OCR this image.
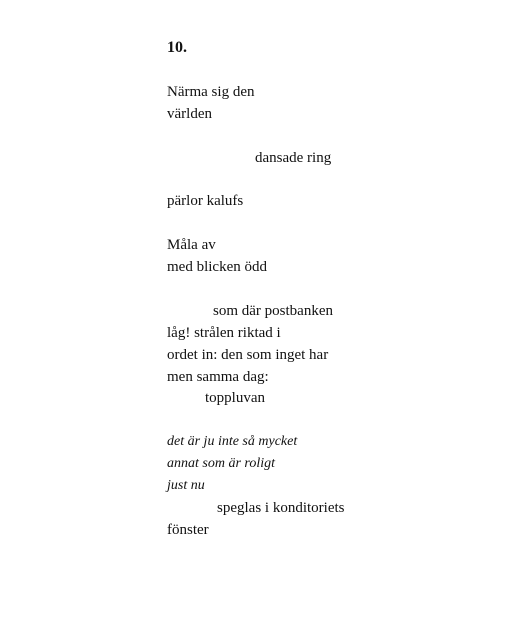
10.
Närma sig den
världen
dansade ring
pärlor kalufs
Måla av
med blicken ödd
som där postbanken
låg! strålen riktad i
ordet in: den som inget har
men samma dag:
toppluvan
det är ju inte så mycket
annat som är roligt
just nu
speglas i konditoriets
fönster
